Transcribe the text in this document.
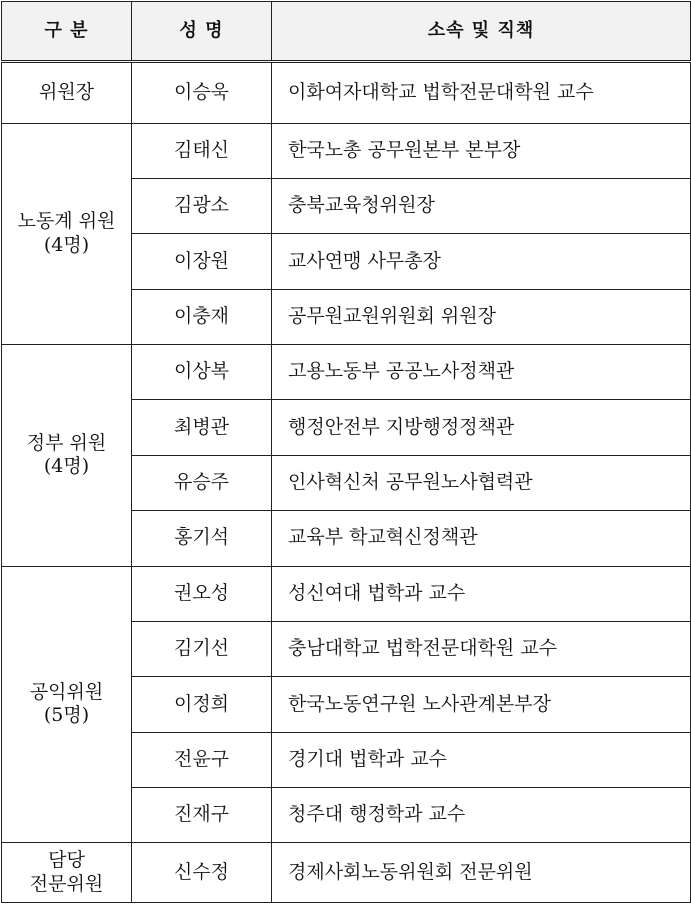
구 분	성 명	소속 및 직책

위원장	이승욱	이화여자대학교 법학전문대학원 교수

노동계 위원
(4명)	김태신	한국노총 공무원본부 본부장
	김광소	충북교육청위원장
	이장원	교사연맹 사무총장
	이충재	공무원교원위원회 위원장

정부 위원
(4명)	이상복	고용노동부 공공노사정책관
	최병관	행정안전부 지방행정정책관
	유승주	인사혁신처 공무원노사협력관
	홍기석	교육부 학교혁신정책관

공익위원
(5명)	권오성	성신여대 법학과 교수
	김기선	충남대학교 법학전문대학원 교수
	이정희	한국노동연구원 노사관계본부장
	전윤구	경기대 법학과 교수
	진재구	청주대 행정학과 교수

담당
전문위원	신수정	경제사회노동위원회 전문위원
